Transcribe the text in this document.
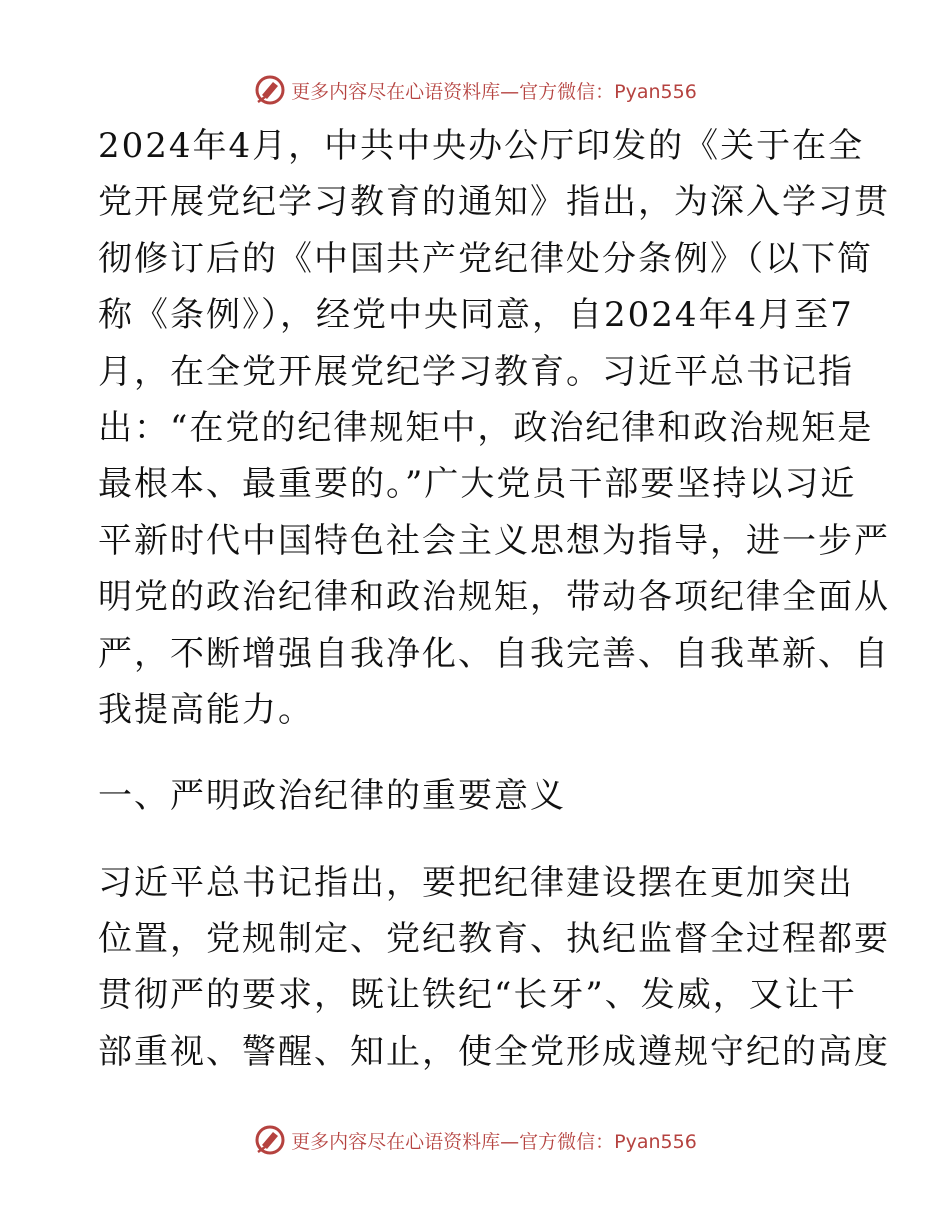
更多内容尽在心语资料库—官方微信：Pyan556
2024年4月，中共中央办公厅印发的《关于在全
党开展党纪学习教育的通知》指出，为深入学习贯
彻修订后的《中国共产党纪律处分条例》（以下简
称《条例》），经党中央同意，自2024年4月至7
月，在全党开展党纪学习教育。习近平总书记指
出：“在党的纪律规矩中，政治纪律和政治规矩是
最根本、最重要的。”广大党员干部要坚持以习近
平新时代中国特色社会主义思想为指导，进一步严
明党的政治纪律和政治规矩，带动各项纪律全面从
严，不断增强自我净化、自我完善、自我革新、自
我提高能力。
一、严明政治纪律的重要意义
习近平总书记指出，要把纪律建设摆在更加突出
位置，党规制定、党纪教育、执纪监督全过程都要
贯彻严的要求，既让铁纪“长牙”、发威，又让干
部重视、警醒、知止，使全党形成遵规守纪的高度
更多内容尽在心语资料库—官方微信：Pyan556
